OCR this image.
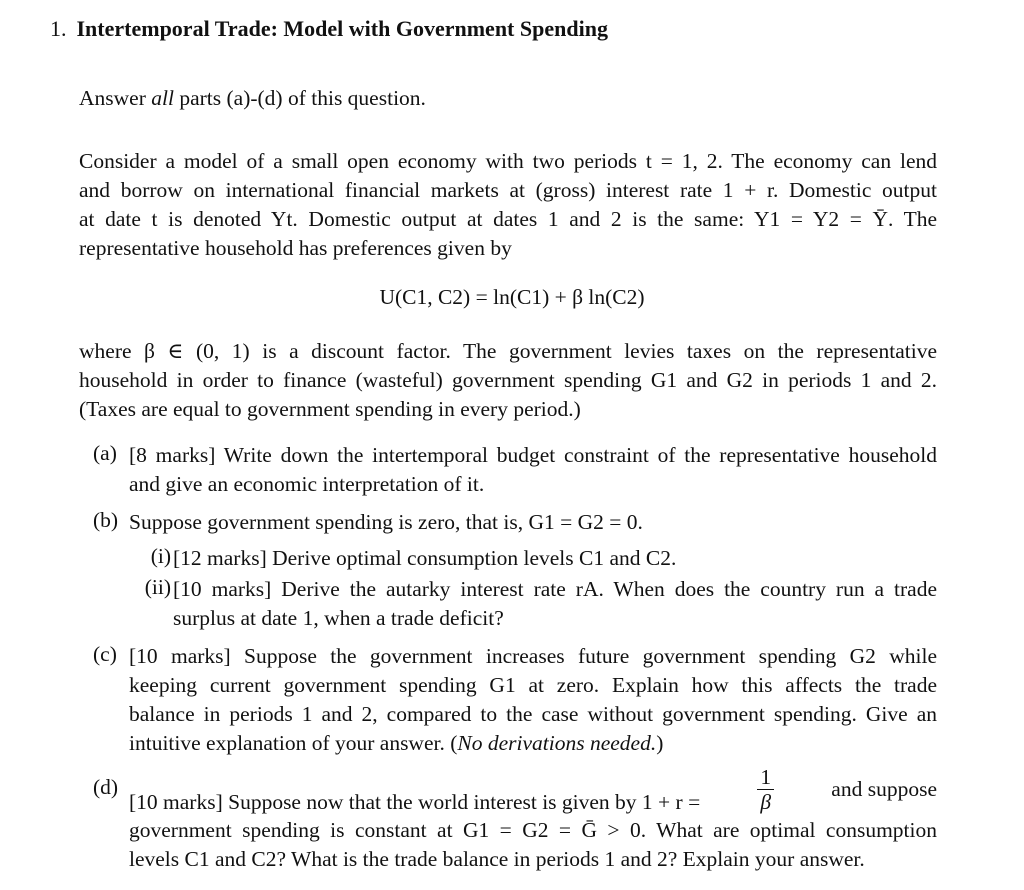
1. Intertemporal Trade: Model with Government Spending
Answer all parts (a)-(d) of this question.
Consider a model of a small open economy with two periods t = 1, 2. The economy can lend
and borrow on international financial markets at (gross) interest rate 1 + r. Domestic output
at date t is denoted Yt. Domestic output at dates 1 and 2 is the same: Y1 = Y2 = Ȳ. The
representative household has preferences given by
U(C1, C2) = ln(C1) + β ln(C2)
where β ∈ (0, 1) is a discount factor. The government levies taxes on the representative
household in order to finance (wasteful) government spending G1 and G2 in periods 1 and 2.
(Taxes are equal to government spending in every period.)
(a) [8 marks] Write down the intertemporal budget constraint of the representative household
and give an economic interpretation of it.
(b) Suppose government spending is zero, that is, G1 = G2 = 0.
(i) [12 marks] Derive optimal consumption levels C1 and C2.
(ii) [10 marks] Derive the autarky interest rate rA. When does the country run a trade
surplus at date 1, when a trade deficit?
(c) [10 marks] Suppose the government increases future government spending G2 while
keeping current government spending G1 at zero. Explain how this affects the trade
balance in periods 1 and 2, compared to the case without government spending. Give an
intuitive explanation of your answer. (No derivations needed.)
(d)
[10 marks] Suppose now that the world interest is given by 1 + r =	$\frac{1}{\beta}$	and suppose
government spending is constant at G1 = G2 = Ḡ > 0. What are optimal consumption
levels C1 and C2? What is the trade balance in periods 1 and 2? Explain your answer.
